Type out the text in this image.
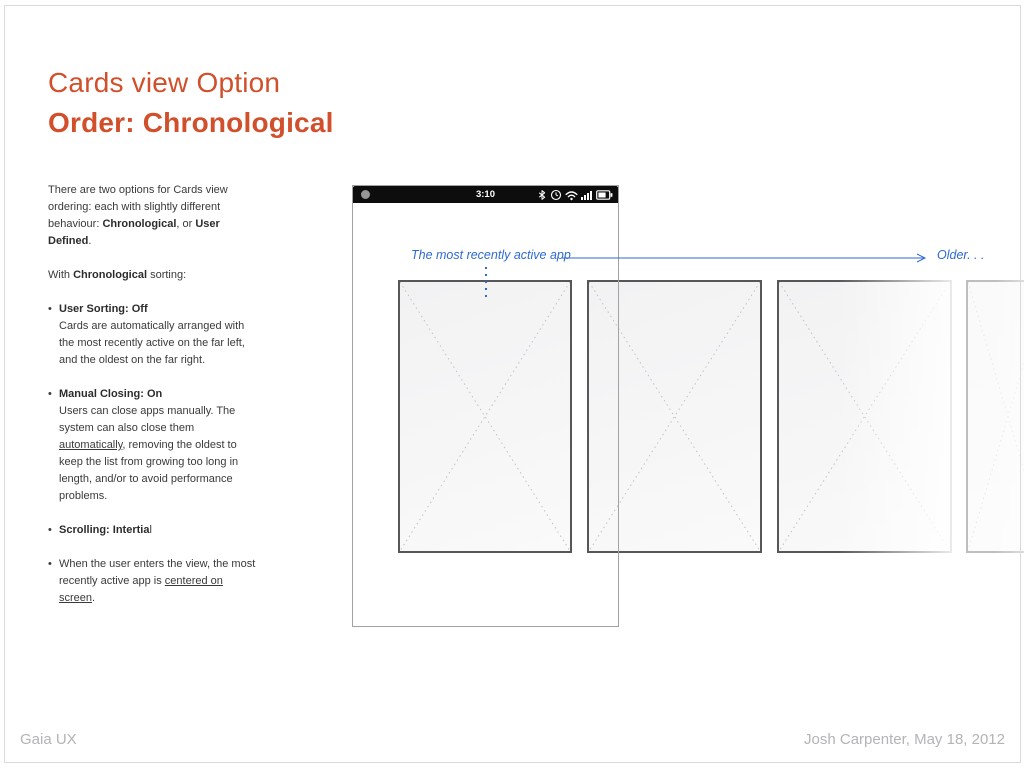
Cards view Option
Order: Chronological

There are two options for Cards view ordering: each with slightly different behaviour: Chronological, or User Defined.

With Chronological sorting:

• User Sorting: Off
Cards are automatically arranged with the most recently active on the far left, and the oldest on the far right.

• Manual Closing: On
Users can close apps manually. The system can also close them automatically, removing the oldest to keep the list from growing too long in length, and/or to avoid performance problems.

• Scrolling: Intertial

• When the user enters the view, the most recently active app is centered on screen.

3:10
The most recently active app	Older. . .
Gaia UX	Josh Carpenter, May 18, 2012
